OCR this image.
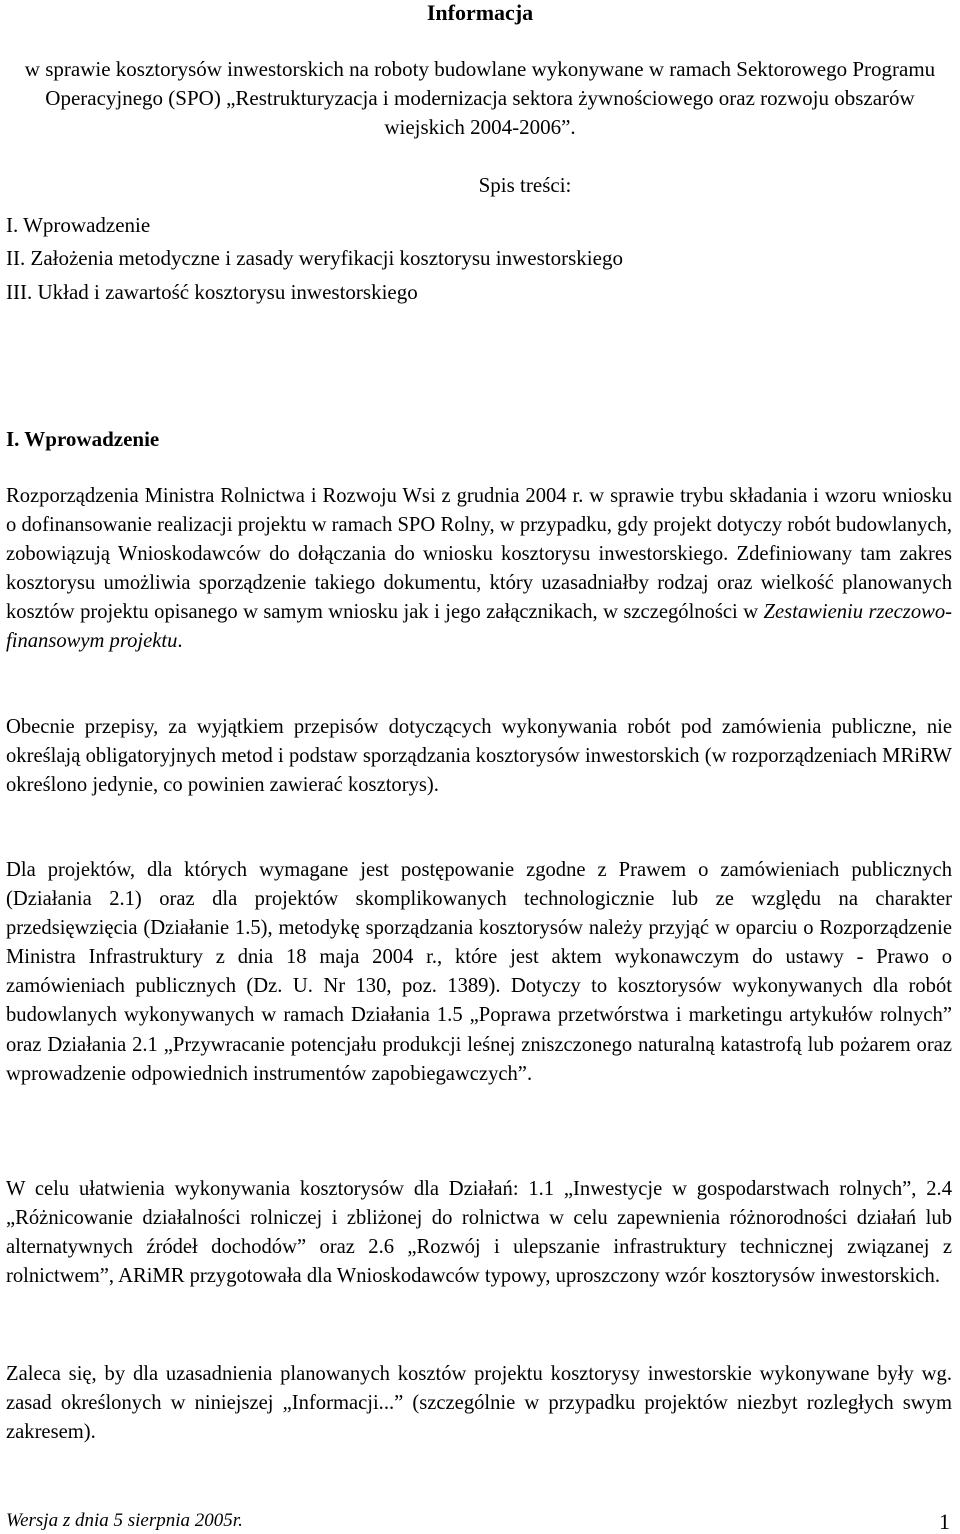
Informacja
w sprawie kosztorysów inwestorskich na roboty budowlane wykonywane w ramach Sektorowego Programu Operacyjnego (SPO) „Restrukturyzacja i modernizacja sektora żywnościowego oraz rozwoju obszarów wiejskich 2004-2006”.
Spis treści:
I. Wprowadzenie
II. Założenia metodyczne i zasady weryfikacji kosztorysu inwestorskiego
III. Układ i zawartość kosztorysu inwestorskiego
I. Wprowadzenie

Rozporządzenia Ministra Rolnictwa i Rozwoju Wsi z grudnia 2004 r. w sprawie trybu składania i wzoru wniosku o dofinansowanie realizacji projektu w ramach SPO Rolny, w przypadku, gdy projekt dotyczy robót budowlanych, zobowiązują Wnioskodawców do dołączania do wniosku kosztorysu inwestorskiego. Zdefiniowany tam zakres kosztorysu umożliwia sporządzenie takiego dokumentu, który uzasadniałby rodzaj oraz wielkość planowanych kosztów projektu opisanego w samym wniosku jak i jego załącznikach, w szczególności w Zestawieniu rzeczowo-finansowym projektu.

Obecnie przepisy, za wyjątkiem przepisów dotyczących wykonywania robót pod zamówienia publiczne, nie określają obligatoryjnych metod i podstaw sporządzania kosztorysów inwestorskich (w rozporządzeniach MRiRW określono jedynie, co powinien zawierać kosztorys).

Dla projektów, dla których wymagane jest postępowanie zgodne z Prawem o zamówieniach publicznych (Działania 2.1) oraz dla projektów skomplikowanych technologicznie lub ze względu na charakter przedsięwzięcia (Działanie 1.5), metodykę sporządzania kosztorysów należy przyjąć w oparciu o Rozporządzenie Ministra Infrastruktury z dnia 18 maja 2004 r., które jest aktem wykonawczym do ustawy - Prawo o zamówieniach publicznych (Dz. U. Nr 130, poz. 1389). Dotyczy to kosztorysów wykonywanych dla robót budowlanych wykonywanych w ramach Działania 1.5 „Poprawa przetwórstwa i marketingu artykułów rolnych” oraz Działania 2.1 „Przywracanie potencjału produkcji leśnej zniszczonego naturalną katastrofą lub pożarem oraz wprowadzenie odpowiednich instrumentów zapobiegawczych”.

W celu ułatwienia wykonywania kosztorysów dla Działań: 1.1 „Inwestycje w gospodarstwach rolnych”, 2.4 „Różnicowanie działalności rolniczej i zbliżonej do rolnictwa w celu zapewnienia różnorodności działań lub alternatywnych źródeł dochodów” oraz 2.6 „Rozwój i ulepszanie infrastruktury technicznej związanej z rolnictwem”, ARiMR przygotowała dla Wnioskodawców typowy, uproszczony wzór kosztorysów inwestorskich.

Zaleca się, by dla uzasadnienia planowanych kosztów projektu kosztorysy inwestorskie wykonywane były wg. zasad określonych w niniejszej „Informacji...” (szczególnie w przypadku projektów niezbyt rozległych swym zakresem).

Wersja z dnia 5 sierpnia 2005r.	1
